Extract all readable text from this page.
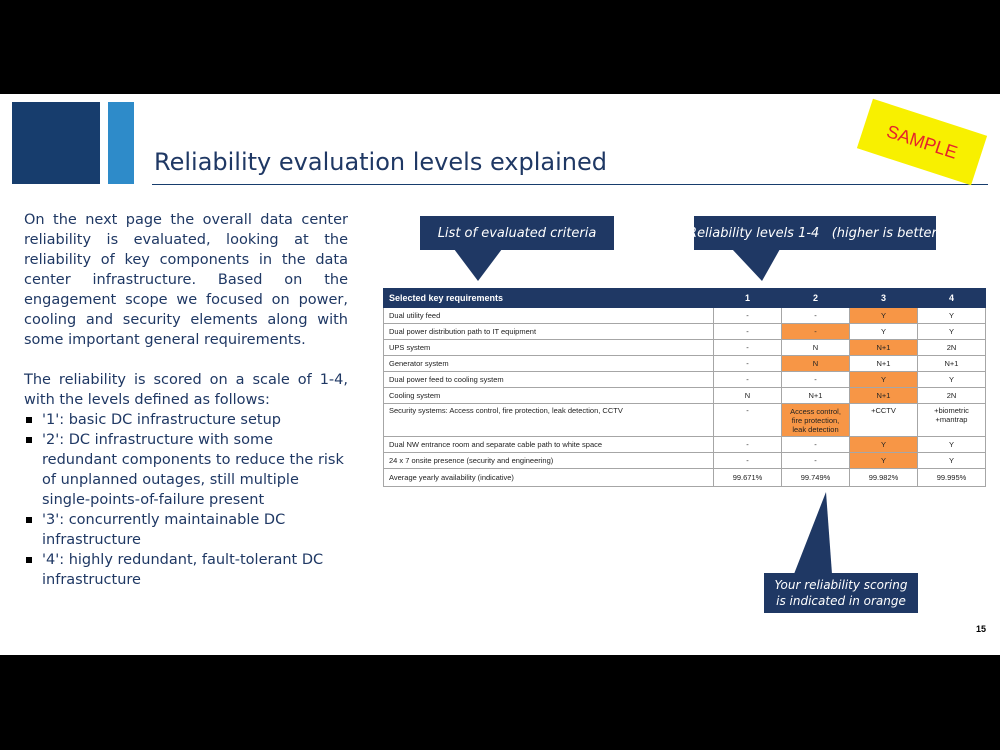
Reliability evaluation levels explained	SAMPLE

On the next page the overall data center reliability is evaluated, looking at the reliability of key components in the data center infrastructure. Based on the engagement scope we focused on power, cooling and security elements along with some important general requirements.

The reliability is scored on a scale of 1-4, with the levels defined as follows:

'1': basic DC infrastructure setup
'2': DC infrastructure with some redundant components to reduce the risk of unplanned outages, still multiple single-points-of-failure present
'3': concurrently maintainable DC infrastructure
'4': highly redundant, fault-tolerant DC infrastructure
List of evaluated criteria	Reliability levels 1-4   (higher is better)
Your reliability scoring
is indicated in orange
Selected key requirements	1	2	3	4
Dual utility feed	-	-	Y	Y
Dual power distribution path to IT equipment	-	-	Y	Y
UPS system	-	N	N+1	2N
Generator system	-	N	N+1	N+1
Dual power feed to cooling system	-	-	Y	Y
Cooling system	N	N+1	N+1	2N
Security systems: Access control, fire protection, leak detection, CCTV	-	Access control, fire protection, leak detection	+CCTV	+biometric +mantrap
Dual NW entrance room and separate cable path to white space	-	-	Y	Y
24 x 7 onsite presence (security and engineering)	-	-	Y	Y
Average yearly availability (indicative)	99.671%	99.749%	99.982%	99.995%
15
